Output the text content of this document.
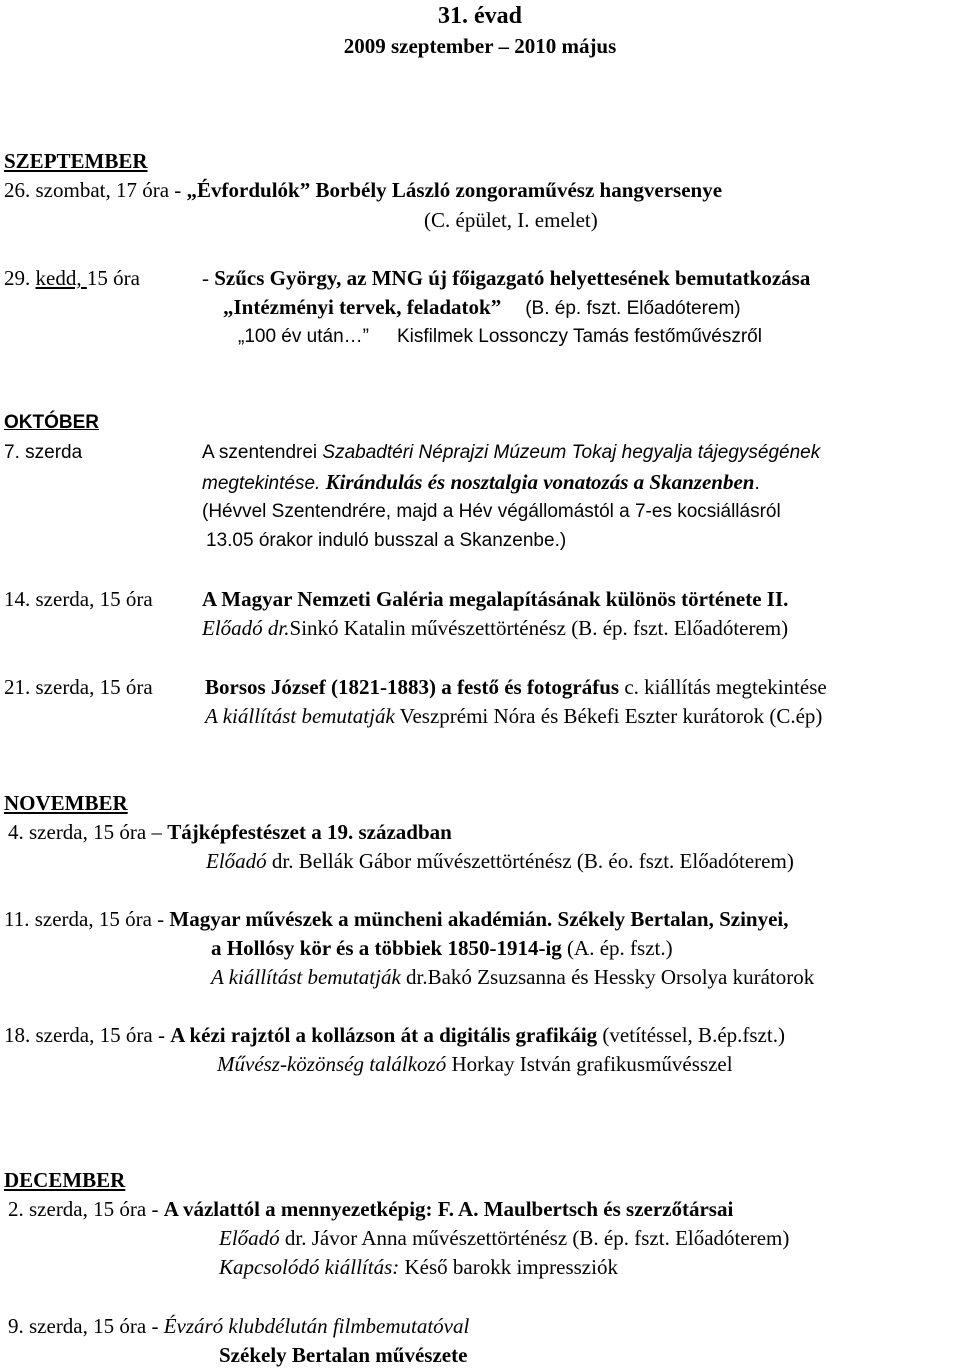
31. évad
2009 szeptember – 2010 május
SZEPTEMBER
26. szombat, 17 óra - „Évfordulók” Borbély László zongoraművész hangversenye
(C. épület, I. emelet)
29. kedd, 15 óra	- Szűcs György, az MNG új főigazgató helyettesének bemutatkozása
„Intézményi tervek, feladatok” (B. ép. fszt. Előadóterem)
„100 év után…” Kisfilmek Lossonczy Tamás festőművészről
OKTÓBER
7. szerda	A szentendrei Szabadtéri Néprajzi Múzeum Tokaj hegyalja tájegységének
megtekintése. Kirándulás és nosztalgia vonatozás a Skanzenben.
(Hévvel Szentendrére, majd a Hév végállomástól a 7-es kocsiállásról
13.05 órakor induló busszal a Skanzenbe.)
14. szerda, 15 óra A Magyar Nemzeti Galéria megalapításának különös története II.
Előadó dr.Sinkó Katalin művészettörténész (B. ép. fszt. Előadóterem)
21. szerda, 15 óra Borsos József (1821-1883) a festő és fotográfus c. kiállítás megtekintése
A kiállítást bemutatják Veszprémi Nóra és Békefi Eszter kurátorok (C.ép)
NOVEMBER
4. szerda, 15 óra – Tájképfestészet a 19. században
Előadó dr. Bellák Gábor művészettörténész (B. éo. fszt. Előadóterem)
11. szerda, 15 óra - Magyar művészek a müncheni akadémián. Székely Bertalan, Szinyei,
a Hollósy kör és a többiek 1850-1914-ig (A. ép. fszt.)
A kiállítást bemutatják dr.Bakó Zsuzsanna és Hessky Orsolya kurátorok
18. szerda, 15 óra - A kézi rajztól a kollázson át a digitális grafikáig (vetítéssel, B.ép.fszt.)
Művész-közönség találkozó Horkay István grafikusművésszel
DECEMBER
2. szerda, 15 óra - A vázlattól a mennyezetképig: F. A. Maulbertsch és szerzőtársai
Előadó dr. Jávor Anna művészettörténész (B. ép. fszt. Előadóterem)
Kapcsolódó kiállítás: Késő barokk impressziók
9. szerda, 15 óra - Évzáró klubdélután filmbemutatóval
Székely Bertalan művészete
